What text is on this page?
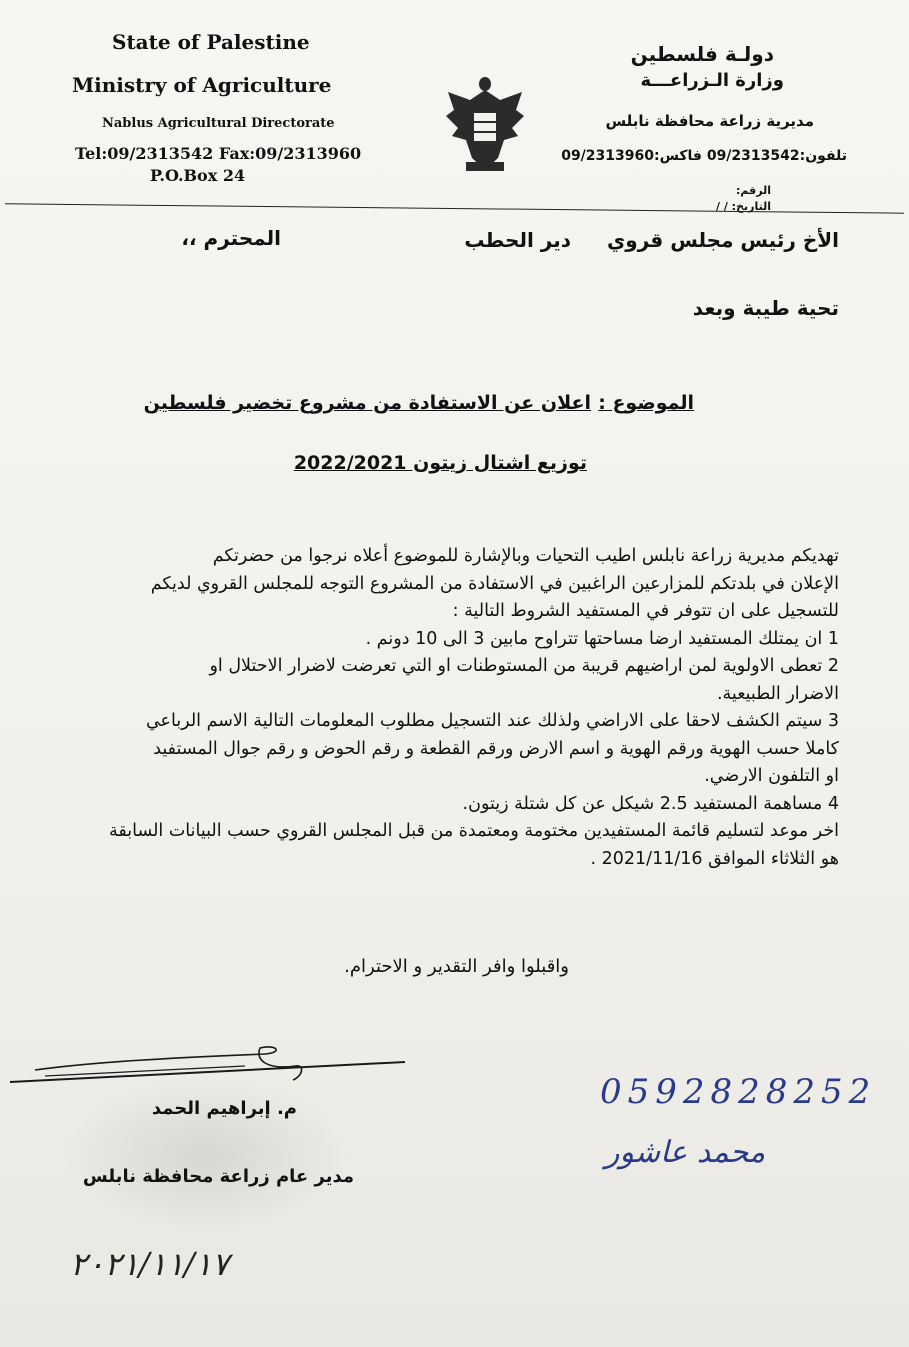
State of Palestine
Ministry of Agriculture
Nablus Agricultural Directorate
Tel:09/2313542 Fax:09/2313960
P.O.Box 24
دولـة فلسطين
وزارة الـزراعـــة
مديرية زراعة محافظة نابلس
تلفون:09/2313542 فاكس:09/2313960
الرقم:
التاريخ: / /
الأخ رئيس مجلس قروي
دير الحطب
المحترم ،،
تحية طيبة وبعد
الموضوع :
اعلان عن الاستفادة من مشروع تخضير فلسطين
توزيع اشتال زيتون 2022/2021

تهديكم مديرية زراعة نابلس اطيب التحيات وبالإشارة للموضوع أعلاه نرجوا من حضرتكم

الإعلان في بلدتكم للمزارعين الراغبين في الاستفادة من المشروع التوجه للمجلس القروي لديكم

للتسجيل على ان تتوفر في المستفيد الشروط التالية :

1 ان يمتلك المستفيد ارضا مساحتها تتراوح مابين 3 الى 10 دونم .

2 تعطى الاولوية لمن اراضيهم قريبة من المستوطنات او التي تعرضت لاضرار الاحتلال او

الاضرار الطبيعية.

3 سيتم الكشف لاحقا على الاراضي ولذلك عند التسجيل مطلوب المعلومات التالية الاسم الرباعي

كاملا حسب الهوية ورقم الهوية و اسم الارض ورقم القطعة و رقم الحوض و رقم جوال المستفيد

او التلفون الارضي.

4 مساهمة المستفيد 2.5 شيكل عن كل شتلة زيتون.

اخر موعد لتسليم قائمة المستفيدين مختومة ومعتمدة من قبل المجلس القروي حسب البيانات السابقة

هو الثلاثاء الموافق 2021/11/16 .

واقبلوا وافر التقدير و الاحترام.
م. إبراهيم الحمد
مدير عام زراعة محافظة نابلس
0592828252
محمد عاشور
٢٠٢١/١١/١٧
